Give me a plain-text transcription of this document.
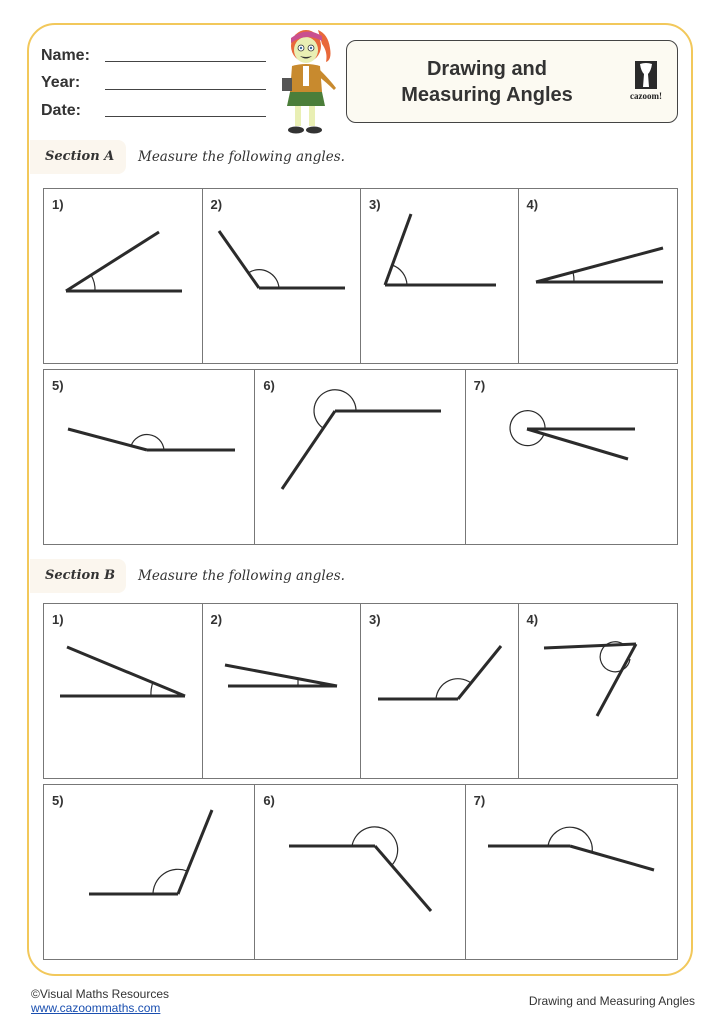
Name:
Year:
Date:
Drawing and
Measuring Angles	cazoom!
Section A Measure the following angles.
1)	2)	3)	4)
5)	6)	7)
Section B Measure the following angles.
1)	2)	3)	4)
5)	6)	7)
©Visual Maths Resources
www.cazoommaths.com	Drawing and Measuring Angles
